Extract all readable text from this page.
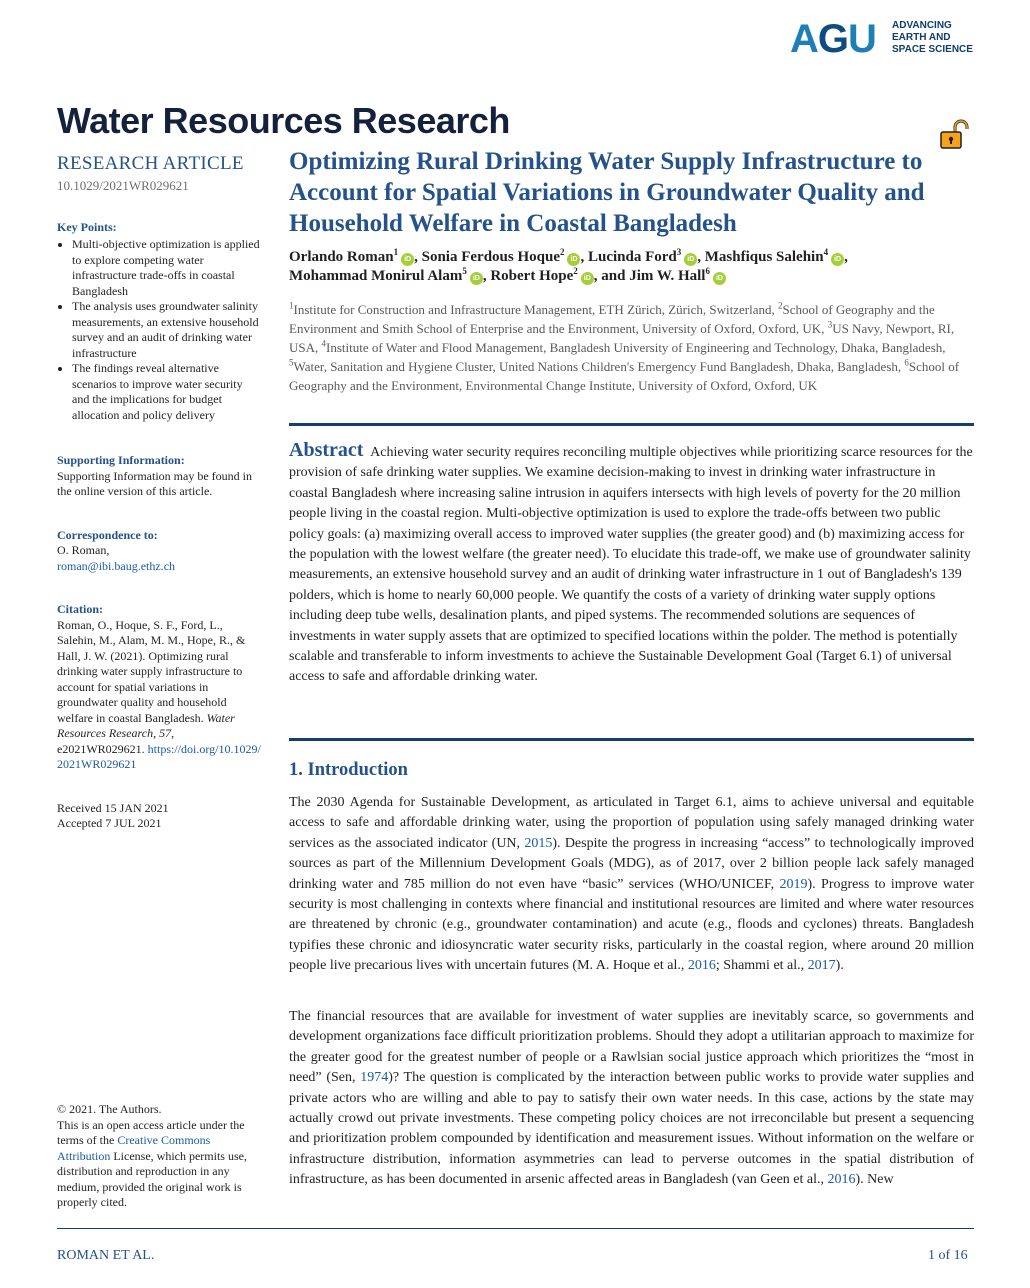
AGU ADVANCING EARTH AND SPACE SCIENCE
Water Resources Research

RESEARCH ARTICLE

10.1029/2021WR029621

Key Points:

• Multi-objective optimization is applied to explore competing water infrastructure trade-offs in coastal Bangladesh
• The analysis uses groundwater salinity measurements, an extensive household survey and an audit of drinking water infrastructure
• The findings reveal alternative scenarios to improve water security and the implications for budget allocation and policy delivery

Supporting Information:

Supporting Information may be found in the online version of this article.

Correspondence to:

O. Roman,
roman@ibi.baug.ethz.ch

Citation:

Roman, O., Hoque, S. F., Ford, L., Salehin, M., Alam, M. M., Hope, R., & Hall, J. W. (2021). Optimizing rural drinking water supply infrastructure to account for spatial variations in groundwater quality and household welfare in coastal Bangladesh. Water Resources Research, 57, e2021WR029621. https://doi.org/10.1029/2021WR029621
Received 15 JAN 2021
Accepted 7 JUL 2021
© 2021. The Authors.
This is an open access article under the terms of the Creative Commons Attribution License, which permits use, distribution and reproduction in any medium, provided the original work is properly cited.
Optimizing Rural Drinking Water Supply Infrastructure to Account for Spatial Variations in Groundwater Quality and Household Welfare in Coastal Bangladesh
Orlando Roman$^1$iD , Sonia Ferdous Hoque$^2$iD , Lucinda Ford$^3$iD , Mashfiqus Salehin$^4$iD ,
Mohammad Monirul Alam$^5$iD , Robert Hope$^2$iD , and Jim W. Hall$^6$iD
$^1$Institute for Construction and Infrastructure Management, ETH Zürich, Zürich, Switzerland, $^2$School of Geography and the Environment and Smith School of Enterprise and the Environment, University of Oxford, Oxford, UK, $^3$US Navy, Newport, RI, USA, $^4$Institute of Water and Flood Management, Bangladesh University of Engineering and Technology, Dhaka, Bangladesh, $^5$Water, Sanitation and Hygiene Cluster, United Nations Children's Emergency Fund Bangladesh, Dhaka, Bangladesh, $^6$School of Geography and the Environment, Environmental Change Institute, University of Oxford, Oxford, UK
Abstract Achieving water security requires reconciling multiple objectives while prioritizing scarce resources for the provision of safe drinking water supplies. We examine decision-making to invest in drinking water infrastructure in coastal Bangladesh where increasing saline intrusion in aquifers intersects with high levels of poverty for the 20 million people living in the coastal region. Multi-objective optimization is used to explore the trade-offs between two public policy goals: (a) maximizing overall access to improved water supplies (the greater good) and (b) maximizing access for the population with the lowest welfare (the greater need). To elucidate this trade-off, we make use of groundwater salinity measurements, an extensive household survey and an audit of drinking water infrastructure in 1 out of Bangladesh's 139 polders, which is home to nearly 60,000 people. We quantify the costs of a variety of drinking water supply options including deep tube wells, desalination plants, and piped systems. The recommended solutions are sequences of investments in water supply assets that are optimized to specified locations within the polder. The method is potentially scalable and transferable to inform investments to achieve the Sustainable Development Goal (Target 6.1) of universal access to safe and affordable drinking water.
1. Introduction

The 2030 Agenda for Sustainable Development, as articulated in Target 6.1, aims to achieve universal and equitable access to safe and affordable drinking water, using the proportion of population using safely managed drinking water services as the associated indicator (UN, 2015). Despite the progress in increasing “access” to technologically improved sources as part of the Millennium Development Goals (MDG), as of 2017, over 2 billion people lack safely managed drinking water and 785 million do not even have “basic” services (WHO/UNICEF, 2019). Progress to improve water security is most challenging in contexts where financial and institutional resources are limited and where water resources are threatened by chronic (e.g., groundwater contamination) and acute (e.g., floods and cyclones) threats. Bangladesh typifies these chronic and idiosyncratic water security risks, particularly in the coastal region, where around 20 million people live precarious lives with uncertain futures (M. A. Hoque et al., 2016; Shammi et al., 2017).

The financial resources that are available for investment of water supplies are inevitably scarce, so governments and development organizations face difficult prioritization problems. Should they adopt a utilitarian approach to maximize for the greater good for the greatest number of people or a Rawlsian social justice approach which prioritizes the “most in need” (Sen, 1974)? The question is complicated by the interaction between public works to provide water supplies and private actors who are willing and able to pay to satisfy their own water needs. In this case, actions by the state may actually crowd out private investments. These competing policy choices are not irreconcilable but present a sequencing and prioritization problem compounded by identification and measurement issues. Without information on the welfare or infrastructure distribution, information asymmetries can lead to perverse outcomes in the spatial distribution of infrastructure, as has been documented in arsenic affected areas in Bangladesh (van Geen et al., 2016). New

ROMAN ET AL.	1 of 16
